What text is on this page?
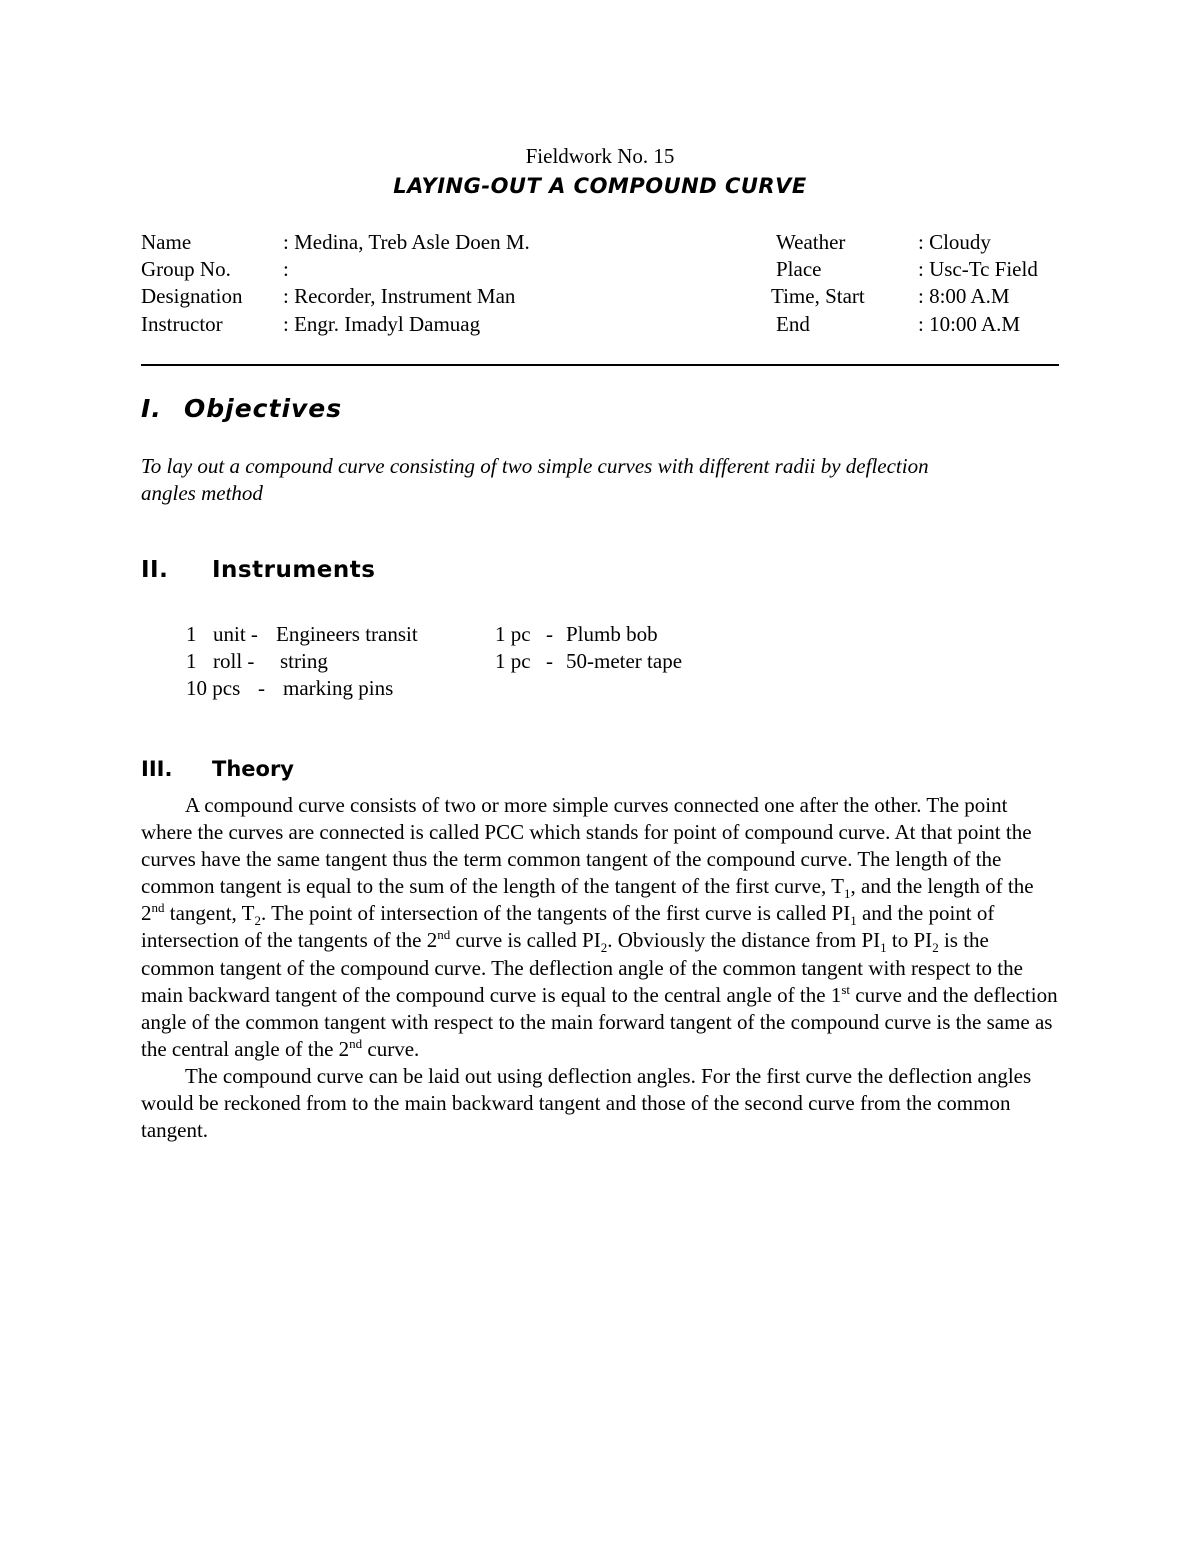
Fieldwork No. 15
LAYING-OUT A COMPOUND CURVE
Name	: Medina, Treb Asle Doen M.
Group No. :
Designation : Recorder, Instrument Man
Instructor	: Engr. Imadyl Damuag
Weather	: Cloudy
Place	: Usc-Tc Field
Time, Start	: 8:00 A.M
End	: 10:00 A.M
I. Objectives
To lay out a compound curve consisting of two simple curves with different radii by deflection
angles method
II. Instruments
1 unit - Engineers transit
1 roll - string
10 pcs - marking pins
1 pc - Plumb bob
1 pc - 50-meter tape
III. Theory

A compound curve consists of two or more simple curves connected one after the other. The point where the curves are connected is called PCC which stands for point of compound curve. At that point the curves have the same tangent thus the term common tangent of the compound curve. The length of the common tangent is equal to the sum of the length of the tangent of the first curve, $T_1$, and the length of the 2nd tangent, $T_2$. The point of intersection of the tangents of the first curve is called $PI_1$ and the point of intersection of the tangents of the 2nd curve is called $PI_2$. Obviously the distance from $PI_1$ to $PI_2$ is the common tangent of the compound curve. The deflection angle of the common tangent with respect to the main backward tangent of the compound curve is equal to the central angle of the 1st curve and the deflection angle of the common tangent with respect to the main forward tangent of the compound curve is the same as the central angle of the 2nd curve.

The compound curve can be laid out using deflection angles. For the first curve the deflection angles would be reckoned from to the main backward tangent and those of the second curve from the common tangent.
